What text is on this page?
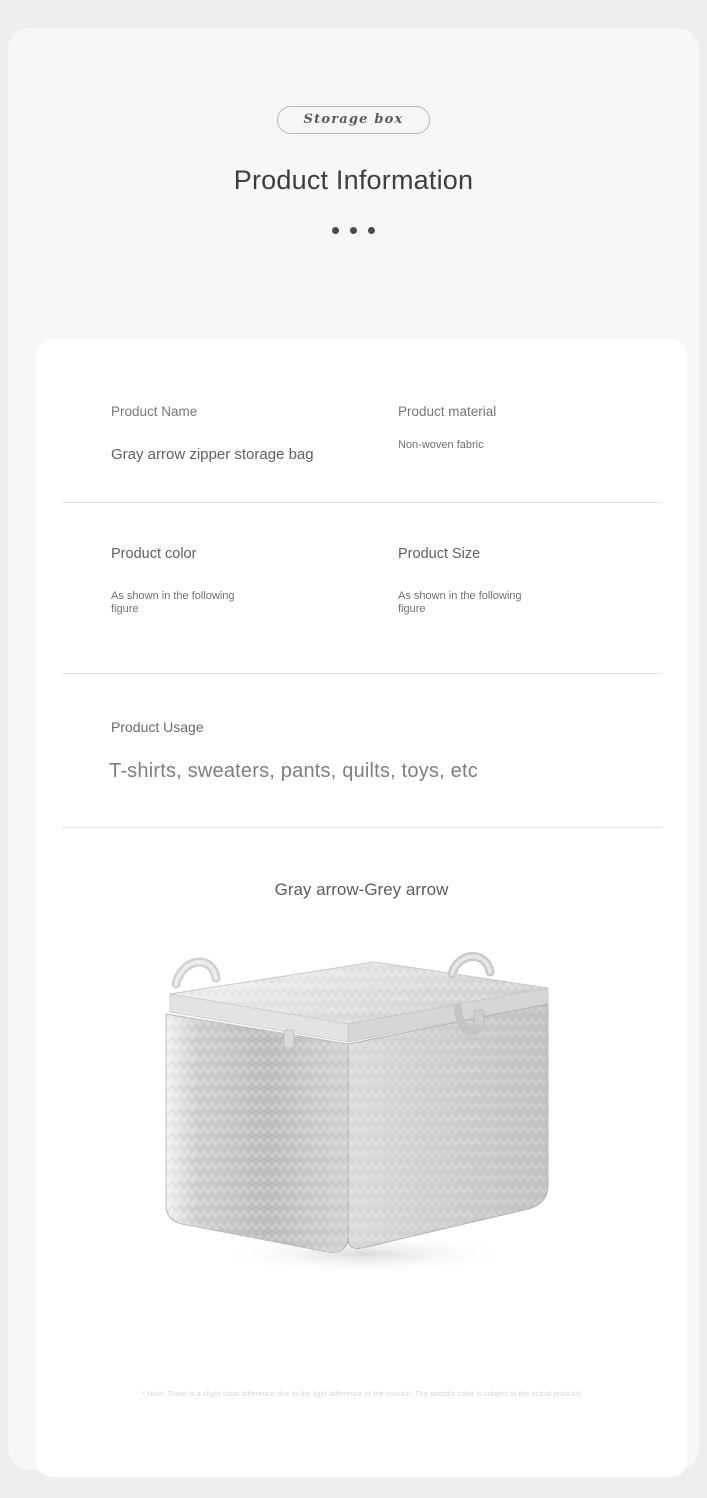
Storage box
Product Information
Product Name
Gray arrow zipper storage bag
Product material
Non-woven fabric
Product color
As shown in the following figure
Product Size
As shown in the following figure
Product Usage
T-shirts, sweaters, pants, quilts, toys, etc
Gray arrow-Grey arrow
* Note: There is a slight color difference due to the light difference of the monitor. The specific color is subject to the actual product!
